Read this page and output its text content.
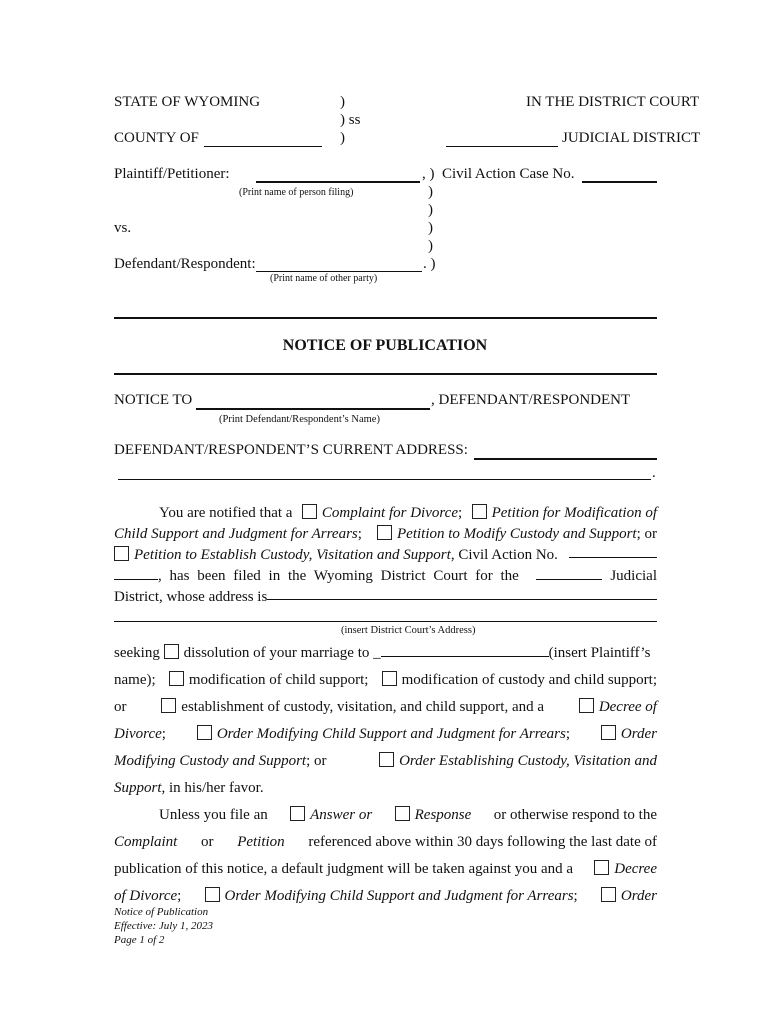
STATE OF WYOMING	)	IN THE DISTRICT COURT
) ss
COUNTY OF	)	JUDICIAL DISTRICT
Plaintiff/Petitioner:	, ) Civil Action Case No.
(Print name of person filing)	)
)
vs.	)
)
Defendant/Respondent:	. )
(Print name of other party)
NOTICE OF PUBLICATION
NOTICE TO	, DEFENDANT/RESPONDENT
(Print Defendant/Respondent’s Name)
DEFENDANT/RESPONDENT’S CURRENT ADDRESS:
.
You are notified that a	Complaint for Divorce;	Petition for Modification of
Child Support and Judgment for Arrears;	Petition to Modify Custody and Support; or
Petition to Establish Custody, Visitation and Support, Civil Action No.
, has been filed in the Wyoming District Court for the	Judicial
District, whose address is
(insert District Court’s Address)
seeking dissolution of your marriage to _	(insert Plaintiff’s
name);	modification of child support;	modification of custody and child support;
or	establishment of custody, visitation, and child support, and a	Decree of
Divorce;	Order Modifying Child Support and Judgment for Arrears;	Order
Modifying Custody and Support; or	Order Establishing Custody, Visitation and
Support, in his/her favor.
Unless you file an	Answer or	Response or otherwise respond to the
Complaint or Petition referenced above within 30 days following the last date of
publication of this notice, a default judgment will be taken against you and a	Decree
of Divorce;	Order Modifying Child Support and Judgment for Arrears;	Order
Notice of Publication
Effective: July 1, 2023
Page 1 of 2
